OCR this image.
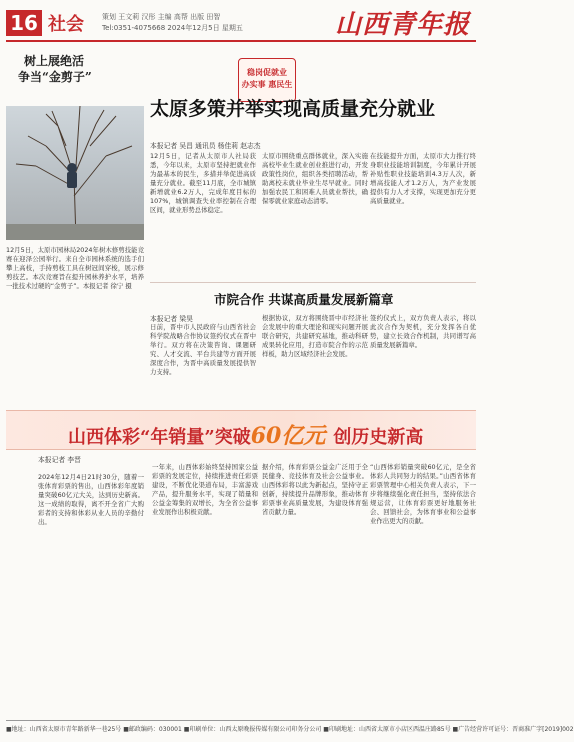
16 社会	策划 王文莉 汉彤 主编 高帮 出版 田智
Tel:0351-4075668 2024年12月5日 星期五	山西青年报
树上展绝活
争当“金剪子”
12月5日，太原市园林局2024年树木修剪技能竞赛在迎泽公园举行。来自全市园林系统的选手们攀上高枝，手持剪枝工具在树冠间穿梭，展示修剪技艺。本次竞赛旨在提升园林养护水平，培养一批技术过硬的“金剪子”。本报记者 徐宁 摄
稳岗促就业
办实事 惠民生
太原多策并举实现高质量充分就业
本报记者 吴昌 通讯员 杨佳莉 赵志杰
12月5日，记者从太原市人社局获悉，今年以来，太原市坚持把就业作为最基本的民生，多措并举促进高质量充分就业。截至11月底，全市城镇新增就业6.2万人，完成年度目标的107%，城镇调查失业率控制在合理区间，就业形势总体稳定。
太原市围绕重点群体就业，深入实施高校毕业生就业创业推进行动，开发政策性岗位，组织各类招聘活动，帮助离校未就业毕业生尽早就业。同时加强农民工和困难人员就业帮扶，确保零就业家庭动态清零。
在技能提升方面，太原市大力推行终身职业技能培训制度，今年累计开展补贴性职业技能培训4.3万人次，新增高技能人才1.2万人，为产业发展提供有力人才支撑，实现更加充分更高质量就业。
市院合作 共谋高质量发展新篇章
本报记者 梁昊
日前，晋中市人民政府与山西省社会科学院战略合作协议签约仪式在晋中举行。双方将在决策咨询、课题研究、人才交流、平台共建等方面开展深度合作，为晋中高质量发展提供智力支持。
根据协议，双方将围绕晋中市经济社会发展中的重大理论和现实问题开展联合研究，共建研究基地，推动科研成果转化应用，打造市院合作的示范样板，助力区域经济社会发展。
签约仪式上，双方负责人表示，将以此次合作为契机，充分发挥各自优势，建立长效合作机制，共同谱写高质量发展新篇章。
山西体彩“年销量”突破60亿元 创历史新高
本报记者 李晋
2024年12月4日21时30分，随着一张体育彩票的售出，山西体彩年度销量突破60亿元大关，达到历史新高。这一成绩的取得，离不开全省广大购彩者的支持和体彩从业人员的辛勤付出。
一年来，山西体彩始终坚持国家公益彩票的发展定位，持续推进责任彩票建设，不断优化渠道布局，丰富游戏产品，提升服务水平，实现了销量和公益金筹集的双增长，为全省公益事业发展作出积极贡献。
据介绍，体育彩票公益金广泛用于全民健身、竞技体育及社会公益事业。山西体彩将以此为新起点，坚持守正创新，持续提升品牌形象，推动体育彩票事业高质量发展，为建设体育强省贡献力量。
“山西体彩销量突破60亿元，是全省体彩人共同努力的结果。”山西省体育彩票管理中心相关负责人表示，下一步将继续强化责任担当，坚持依法合规运营，让体育彩票更好地服务社会、回馈社会，为体育事业和公益事业作出更大的贡献。
■地址：山西省太原市青年路新华一巷25号 ■邮政编码：030001 ■印刷单位：山西太原晚报传媒有限公司印务分公司 ■印刷地址：山西省太原市小店区西温庄路85号 ■广告经营许可证号：晋商准广字[2019]002
